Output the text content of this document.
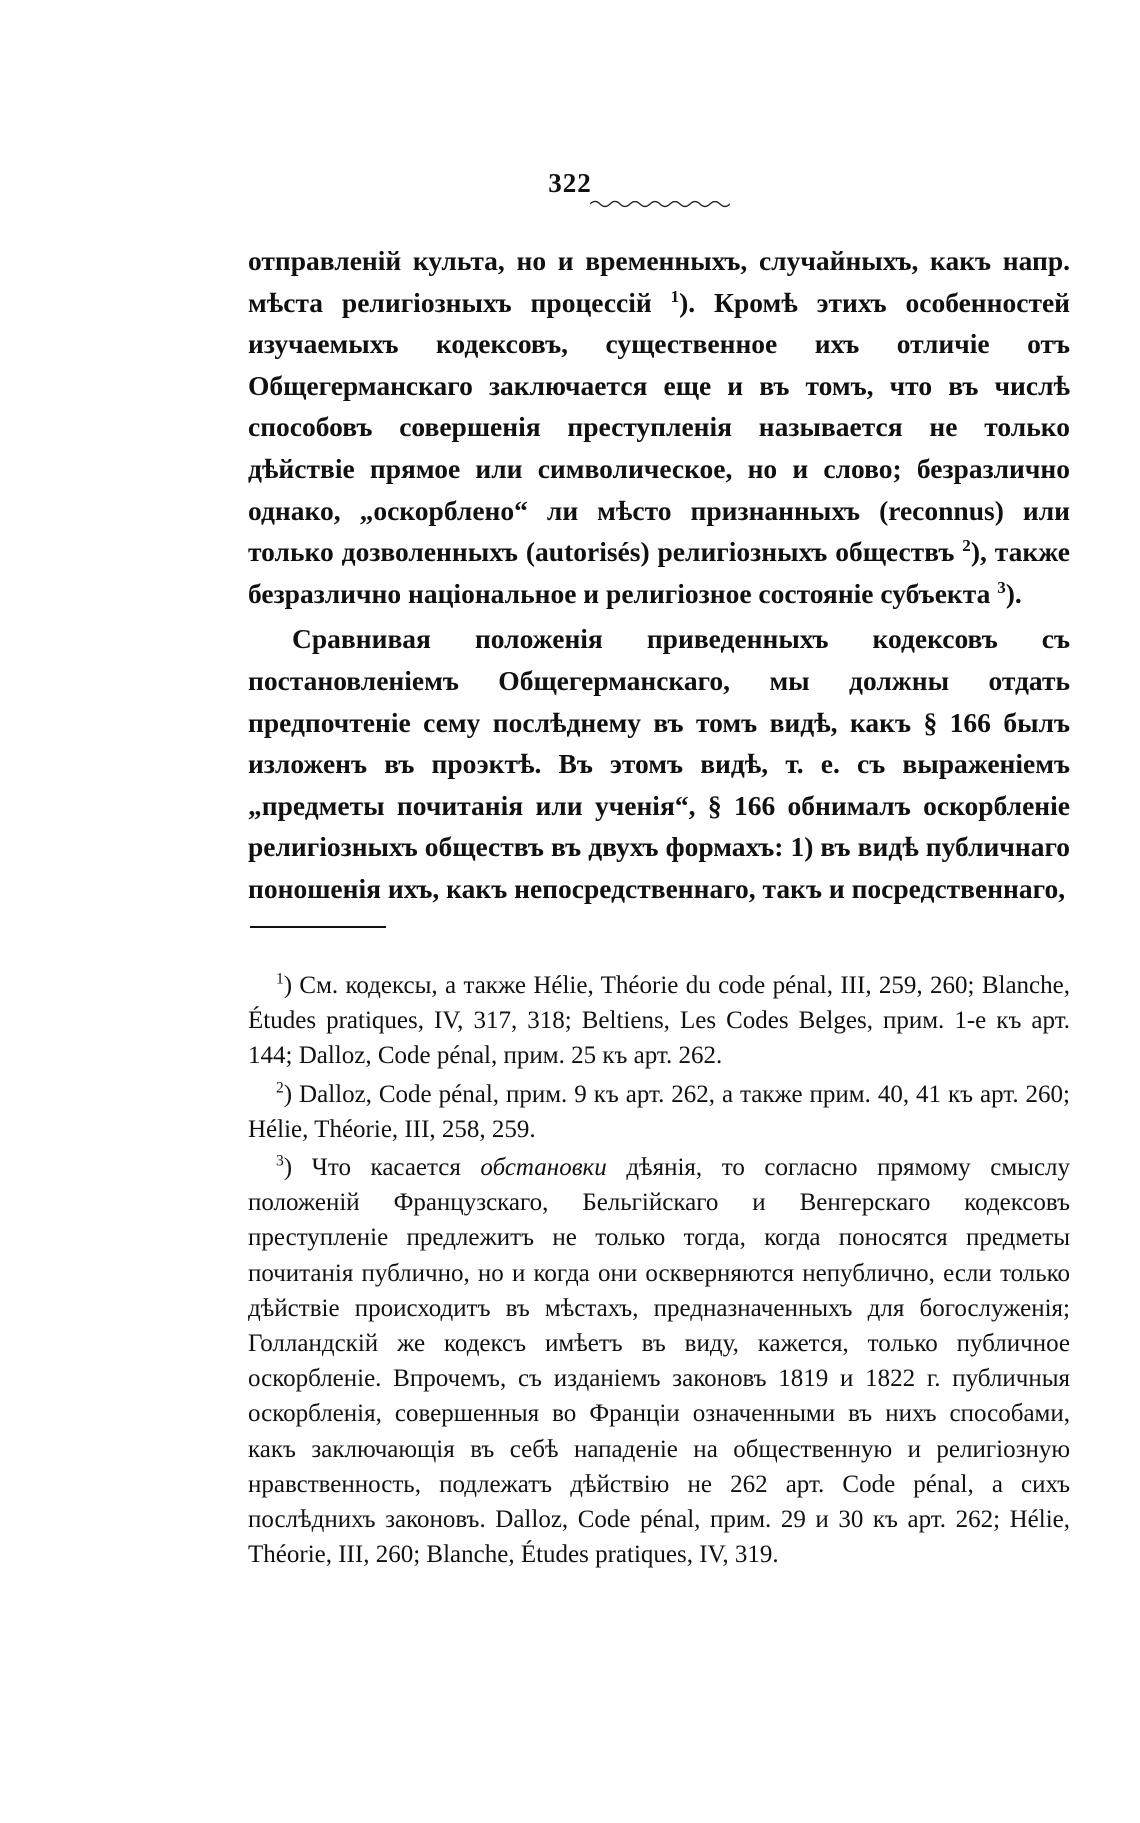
322

отправленій культа, но и временныхъ, случайныхъ, какъ напр. мѣста религіозныхъ процессій $^1$). Кромѣ этихъ особенностей изучаемыхъ кодексовъ, существенное ихъ отличіе отъ Общегерманскаго заключается еще и въ томъ, что въ числѣ способовъ совершенія преступленія называется не только дѣйствіе прямое или символическое, но и слово; безразлично однако, „оскорблено“ ли мѣсто признанныхъ (reconnus) или только дозволенныхъ (autorisés) религіозныхъ обществъ $^2$), также безразлично національное и религіозное состояніе субъекта $^3$).

Сравнивая положенія приведенныхъ кодексовъ съ постановленіемъ Общегерманскаго, мы должны отдать предпочтеніе сему послѣднему въ томъ видѣ, какъ § 166 былъ изложенъ въ проэктѣ. Въ этомъ видѣ, т. е. съ выраженіемъ „предметы почитанія или ученія“, § 166 обнималъ оскорбленіе религіозныхъ обществъ въ двухъ формахъ: 1) въ видѣ публичнаго поношенія ихъ, какъ непосредственнаго, такъ и посредственнаго,

$^1$) См. кодексы, а также Hélie, Théorie du code pénal, III, 259, 260; Blanche, Études pratiques, IV, 317, 318; Beltiens, Les Codes Belges, прим. 1-е къ арт. 144; Dalloz, Code pénal, прим. 25 къ арт. 262.

$^2$) Dalloz, Code pénal, прим. 9 къ арт. 262, а также прим. 40, 41 къ арт. 260; Hélie, Théorie, III, 258, 259.

$^3$) Что касается обстановки дѣянія, то согласно прямому смыслу положеній Французскаго, Бельгійскаго и Венгерскаго кодексовъ преступленіе предлежитъ не только тогда, когда поносятся предметы почитанія публично, но и когда они оскверняются непублично, если только дѣйствіе происходитъ въ мѣстахъ, предназначенныхъ для богослуженія; Голландскій же кодексъ имѣетъ въ виду, кажется, только публичное оскорбленіе. Впрочемъ, съ изданіемъ законовъ 1819 и 1822 г. публичныя оскорбленія, совершенныя во Франціи означенными въ нихъ способами, какъ заключающія въ себѣ нападеніе на общественную и религіозную нравственность, подлежатъ дѣйствію не 262 арт. Code pénal, а сихъ послѣднихъ законовъ. Dalloz, Code pénal, прим. 29 и 30 къ арт. 262; Hélie, Théorie, III, 260; Blanche, Études pratiques, IV, 319.
